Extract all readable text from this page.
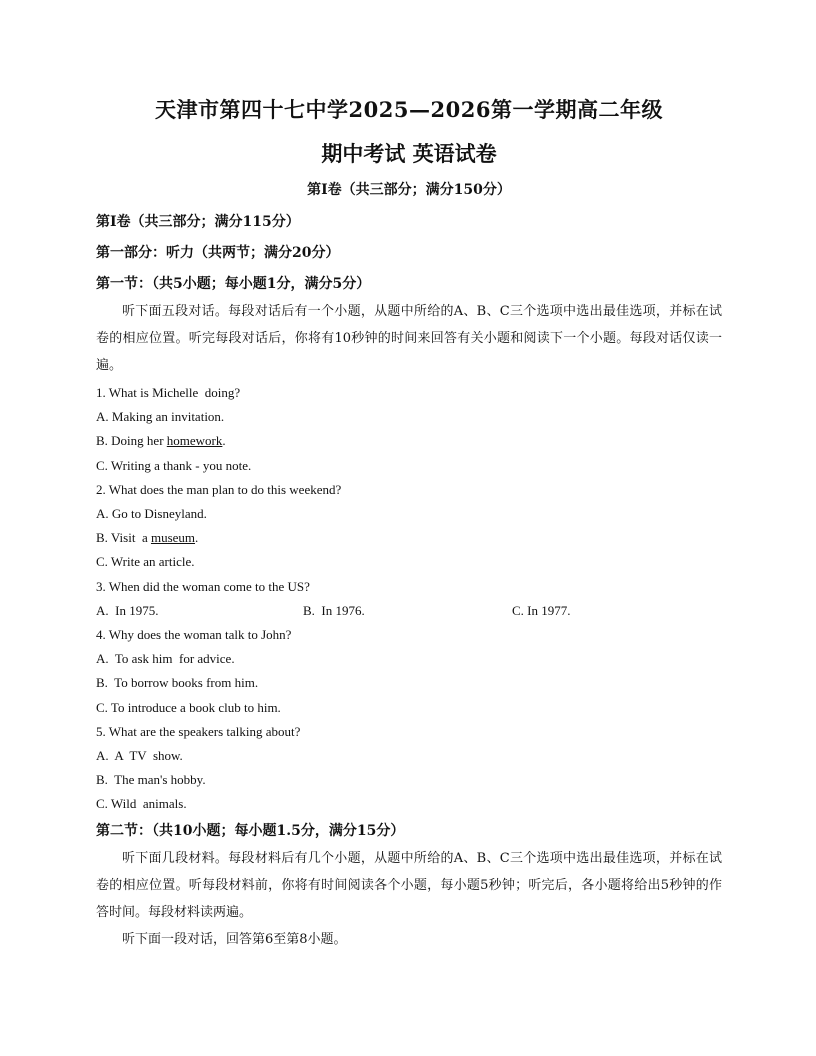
天津市第四十七中学2025—2026第一学期高二年级
期中考试 英语试卷
第Ⅰ卷（共三部分；满分150分）
第Ⅰ卷（共三部分；满分115分）
第一部分：听力（共两节；满分20分）
第一节：（共5小题；每小题1分，满分5分）
听下面五段对话。每段对话后有一个小题，从题中所给的A、B、C三个选项中选出最佳选项，并标在试卷的相应位置。听完每段对话后，你将有10秒钟的时间来回答有关小题和阅读下一个小题。每段对话仅读一遍。
1. What is Michelle  doing?
A. Making an invitation.
B. Doing her homework.
C. Writing a thank - you note.
2. What does the man plan to do this weekend?
A. Go to Disneyland.
B. Visit  a museum.
C. Write an article.
3. When did the woman come to the US?
A.  In 1975.	B.  In 1976.	C. In 1977.
4. Why does the woman talk to John?
A.  To ask him  for advice.
B.  To borrow books from him.
C. To introduce a book club to him.
5. What are the speakers talking about?
A.  A  TV  show.
B.  The man's hobby.
C. Wild  animals.
第二节：（共10小题；每小题1.5分，满分15分）
听下面几段材料。每段材料后有几个小题，从题中所给的A、B、C三个选项中选出最佳选项，并标在试卷的相应位置。听每段材料前，你将有时间阅读各个小题，每小题5秒钟；听完后，各小题将给出5秒钟的作答时间。每段材料读两遍。
听下面一段对话，回答第6至第8小题。
